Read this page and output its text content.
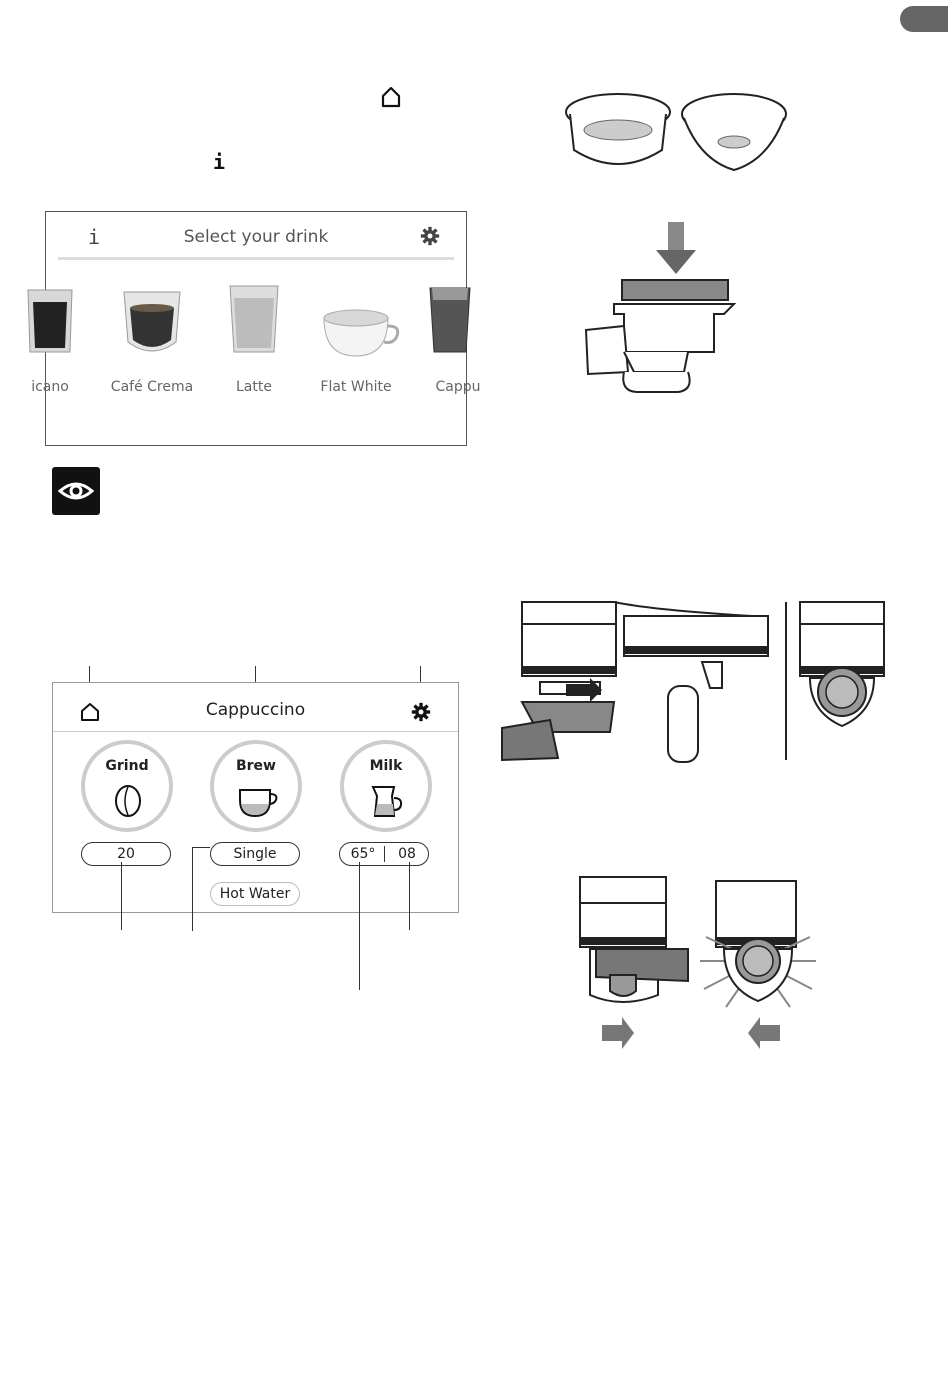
i
i	Select your drink
icano	Café Crema	Latte	Flat White	Cappu
Cappuccino
Grind	Brew	Milk
20	Single	65°	08
Hot Water
